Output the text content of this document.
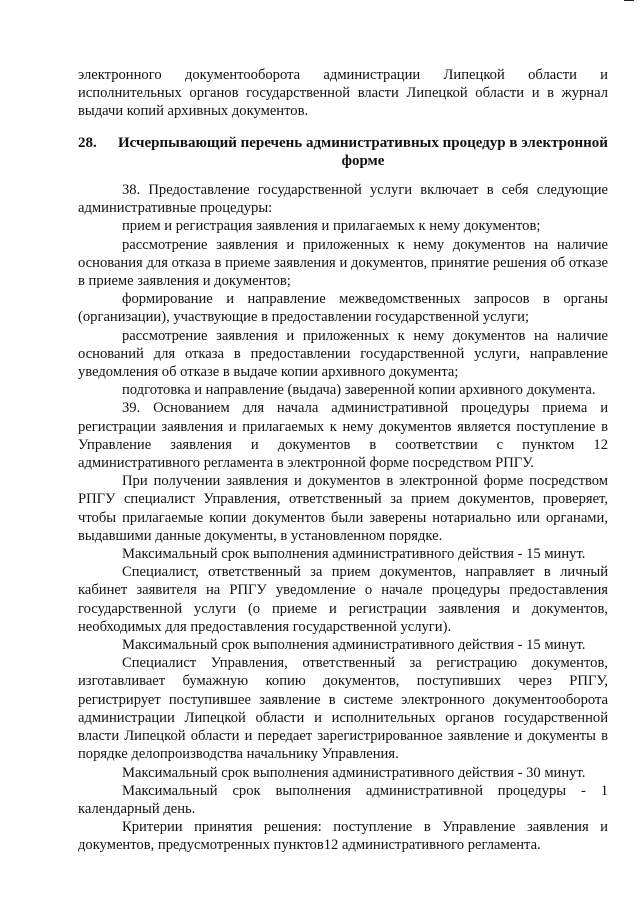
электронного документооборота администрации Липецкой области и исполнительных органов государственной власти Липецкой области и в журнал выдачи копий архивных документов.

28.	Исчерпывающий перечень административных процедур в электронной
форме

38. Предоставление государственной услуги включает в себя следующие административные процедуры:

прием и регистрация заявления и прилагаемых к нему документов;

рассмотрение заявления и приложенных к нему документов на наличие основания для отказа в приеме заявления и документов, принятие решения об отказе в приеме заявления и документов;

формирование и направление межведомственных запросов в органы (организации), участвующие в предоставлении государственной услуги;

рассмотрение заявления и приложенных к нему документов на наличие оснований для отказа в предоставлении государственной услуги, направление уведомления об отказе в выдаче копии архивного документа;

подготовка и направление (выдача) заверенной копии архивного документа.

39. Основанием для начала административной процедуры приема и регистрации заявления и прилагаемых к нему документов является поступление в Управление заявления и документов в соответствии с пунктом 12 административного регламента в электронной форме посредством РПГУ.

При получении заявления и документов в электронной форме посредством РПГУ специалист Управления, ответственный за прием документов, проверяет, чтобы прилагаемые копии документов были заверены нотариально или органами, выдавшими данные документы, в установленном порядке.

Максимальный срок выполнения административного действия - 15 минут.

Специалист, ответственный за прием документов, направляет в личный кабинет заявителя на РПГУ уведомление о начале процедуры предоставления государственной услуги (о приеме и регистрации заявления и документов, необходимых для предоставления государственной услуги).

Максимальный срок выполнения административного действия - 15 минут.

Специалист Управления, ответственный за регистрацию документов, изготавливает бумажную копию документов, поступивших через РПГУ, регистрирует поступившее заявление в системе электронного документооборота администрации Липецкой области и исполнительных органов государственной власти Липецкой области и передает зарегистрированное заявление и документы в порядке делопроизводства начальнику Управления.

Максимальный срок выполнения административного действия - 30 минут.

Максимальный срок выполнения административной процедуры - 1 календарный день.

Критерии принятия решения: поступление в Управление заявления и документов, предусмотренных пунктов12 административного регламента.
